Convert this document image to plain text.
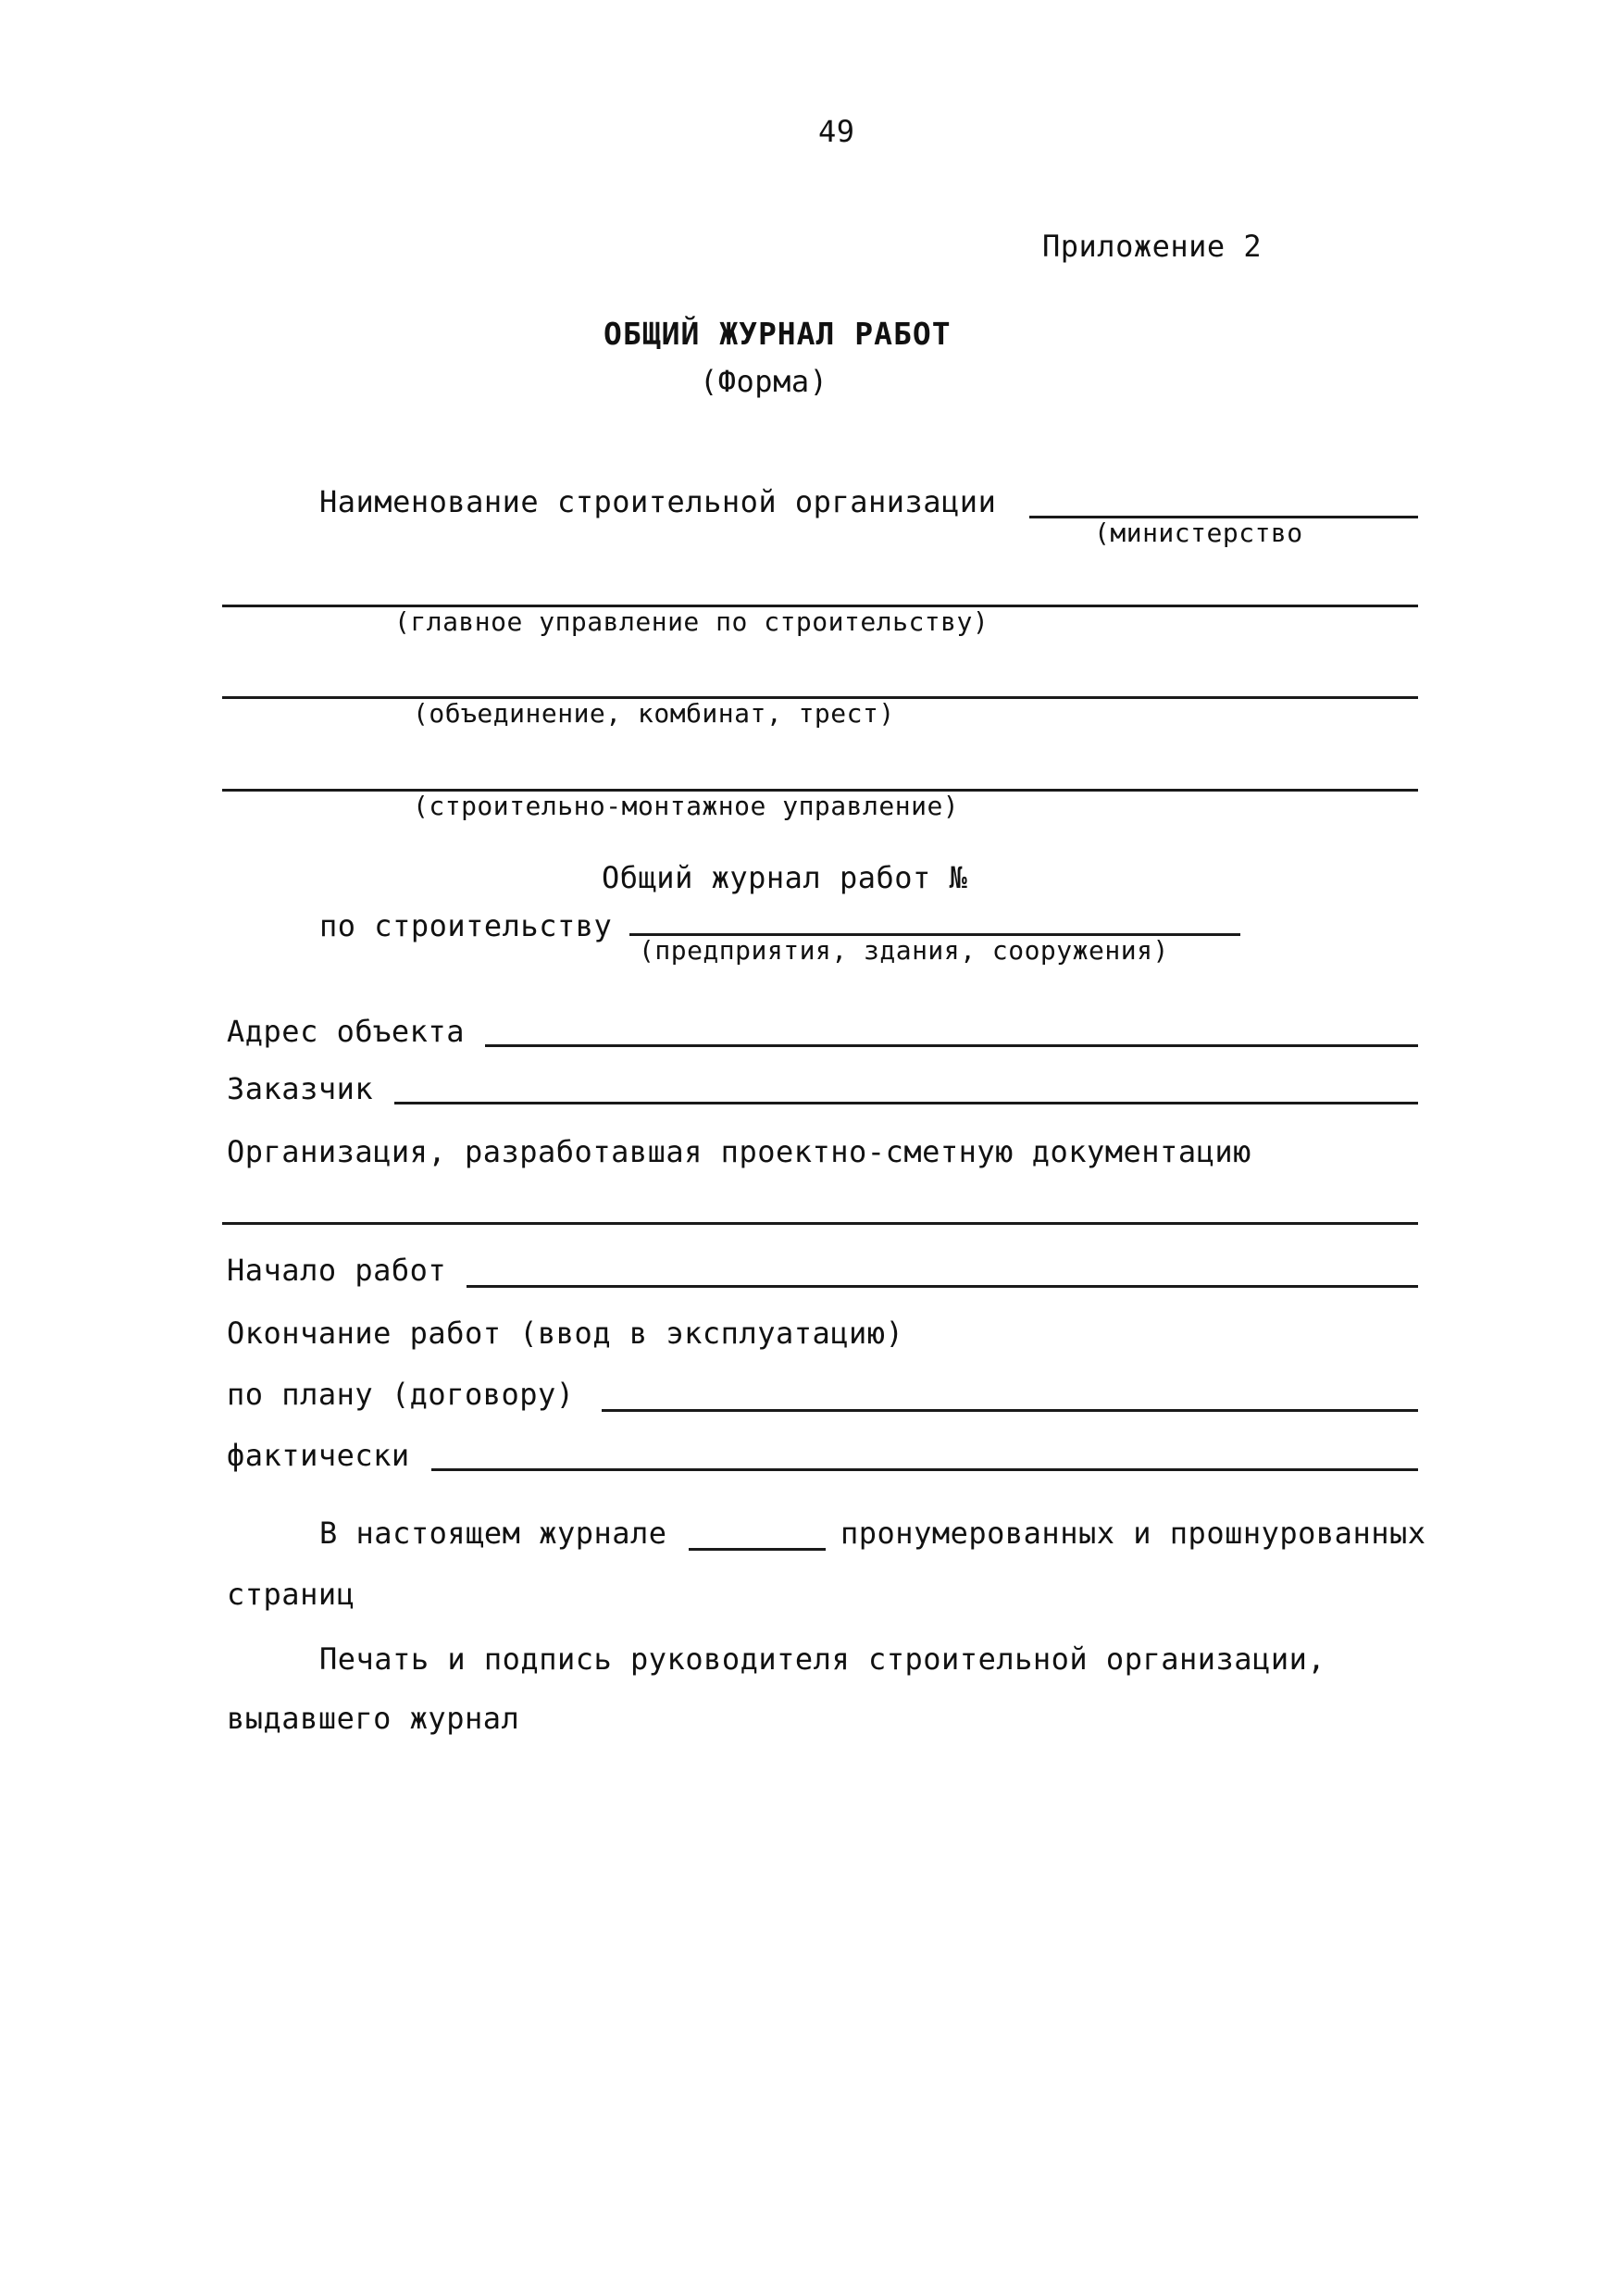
49
Приложение 2
ОБЩИЙ ЖУРНАЛ РАБОТ
(Форма)
Наименование строительной организации
(министерство
(главное управление по строительству)
(объединение, комбинат, трест)
(строительно-монтажное управление)
Общий журнал работ №
по строительству
(предприятия, здания, сооружения)
Адрес объекта
Заказчик
Организация, разработавшая проектно-сметную документацию
Начало работ
Окончание работ (ввод в эксплуатацию)
по плану (договору)
фактически
В настоящем журнале	пронумерованных и прошнурованных
страниц
Печать и подпись руководителя строительной организации,
выдавшего журнал
